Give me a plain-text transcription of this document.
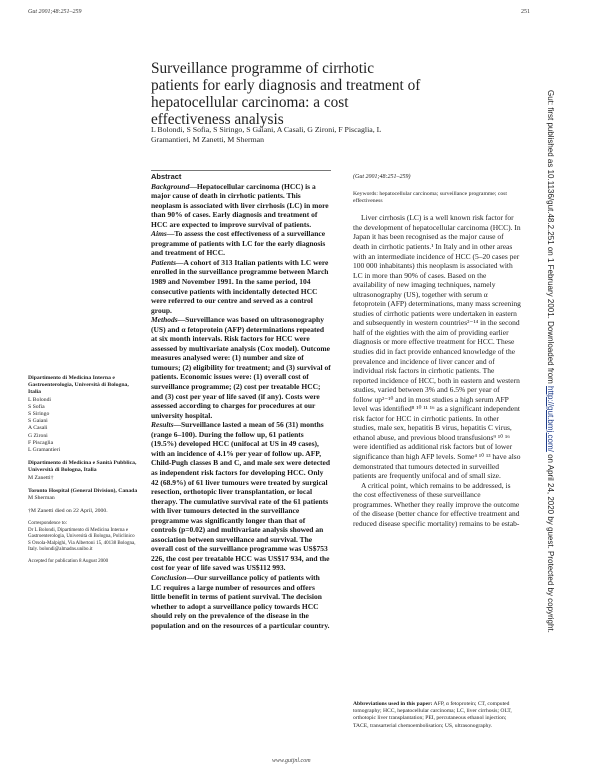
Gut 2001;48:251–259	251
Surveillance programme of cirrhotic patients for early diagnosis and treatment of hepatocellular carcinoma: a cost effectiveness analysis
L Bolondi, S Sofia, S Siringo, S Gaiani, A Casali, G Zironi, F Piscaglia, L Gramantieri, M Zanetti, M Sherman
Abstract
Background—Hepatocellular carcinoma (HCC) is a major cause of death in cirrhotic patients. This neoplasm is associated with liver cirrhosis (LC) in more than 90% of cases. Early diagnosis and treatment of HCC are expected to improve survival of patients.
Aims—To assess the cost effectiveness of a surveillance programme of patients with LC for the early diagnosis and treatment of HCC.
Patients—A cohort of 313 Italian patients with LC were enrolled in the surveillance programme between March 1989 and November 1991. In the same period, 104 consecutive patients with incidentally detected HCC were referred to our centre and served as a control group.
Methods—Surveillance was based on ultrasonography (US) and α fetoprotein (AFP) determinations repeated at six month intervals. Risk factors for HCC were assessed by multivariate analysis (Cox model). Outcome measures analysed were: (1) number and size of tumours; (2) eligibility for treatment; and (3) survival of patients. Economic issues were: (1) overall cost of surveillance programme; (2) cost per treatable HCC; and (3) cost per year of life saved (if any). Costs were assessed according to charges for procedures at our university hospital.
Results—Surveillance lasted a mean of 56 (31) months (range 6–100). During the follow up, 61 patients (19.5%) developed HCC (unifocal at US in 49 cases), with an incidence of 4.1% per year of follow up. AFP, Child-Pugh classes B and C, and male sex were detected as independent risk factors for developing HCC. Only 42 (68.9%) of 61 liver tumours were treated by surgical resection, orthotopic liver transplantation, or local therapy. The cumulative survival rate of the 61 patients with liver tumours detected in the surveillance programme was significantly longer than that of controls (p=0.02) and multivariate analysis showed an association between surveillance and survival. The overall cost of the surveillance programme was US$753 226, the cost per treatable HCC was US$17 934, and the cost for year of life saved was US$112 993.
Conclusion—Our surveillance policy of patients with LC requires a large number of resources and offers little benefit in terms of patient survival. The decision whether to adopt a surveillance policy towards HCC should rely on the prevalence of the disease in the population and on the resources of a particular country.
(Gut 2001;48:251–259)
Keywords: hepatocellular carcinoma; surveillance programme; cost effectiveness

Liver cirrhosis (LC) is a well known risk factor for the development of hepatocellular carcinoma (HCC). In Japan it has been recognised as the major cause of death in cirrhotic patients.¹ In Italy and in other areas with an intermediate incidence of HCC (5–20 cases per 100 000 inhabitants) this neoplasm is associated with LC in more than 90% of cases. Based on the availability of new imaging techniques, namely ultrasonography (US), together with serum α fetoprotein (AFP) determinations, many mass screening studies of cirrhotic patients were undertaken in eastern and subsequently in western countries²⁻¹⁴ in the second half of the eighties with the aim of providing earlier diagnosis or more effective treatment for HCC. These studies did in fact provide enhanced knowledge of the prevalence and incidence of liver cancer and of individual risk factors in cirrhotic patients. The reported incidence of HCC, both in eastern and western studies, varied between 3% and 6.5% per year of follow up²⁻¹⁰ and in most studies a high serum AFP level was identified⁸ ¹⁰ ¹¹ ¹⁶ as a significant independent risk factor for HCC in cirrhotic patients. In other studies, male sex, hepatitis B virus, hepatitis C virus, ethanol abuse, and previous blood transfusions⁹ ¹⁰ ¹⁶ were identified as additional risk factors but of lower significance than high AFP levels. Some⁴ ¹⁰ ¹³ have also demonstrated that tumours detected in surveilled patients are frequently unifocal and of small size.

A critical point, which remains to be addressed, is the cost effectiveness of these surveillance programmes. Whether they really improve the outcome of the disease (better chance for effective treatment and reduced disease specific mortality) remains to be estab-

Abbreviations used in this paper: AFP, α fetoprotein; CT, computed tomography; HCC, hepatocellular carcinoma; LC, liver cirrhosis; OLT, orthotopic liver transplantation; PEI, percutaneous ethanol injection; TACE, transarterial chemoembolisation; US, ultrasonography.
Dipartimento di Medicina Interna e Gastroenterologia, Università di Bologna, Italia
L Bolondi
S Sofia
S Siringo
S Gaiani
A Casali
G Zironi
F Piscaglia
L Gramantieri
Dipartimento di Medicina e Sanità Pubblica, Università di Bologna, Italia
M Zanetti†
Toronto Hospital (General Division), Canada
M Sherman
†M Zanetti died on 22 April, 2000.
Correspondence to:
Dr L Bolondi, Dipartimento di Medicina Interna e Gastroenterologia, Università di Bologna, Policlinico S Orsola-Malpighi, Via Albertoni 15, 40138 Bologna, Italy. bolondi@almadns.unibo.it
Accepted for publication 8 August 2000
Gut: first published as 10.1136/gut.48.2.251 on 1 February 2001. Downloaded from http://gut.bmj.com/ on April 24, 2020 by guest. Protected by copyright.
www.gutjnl.com
